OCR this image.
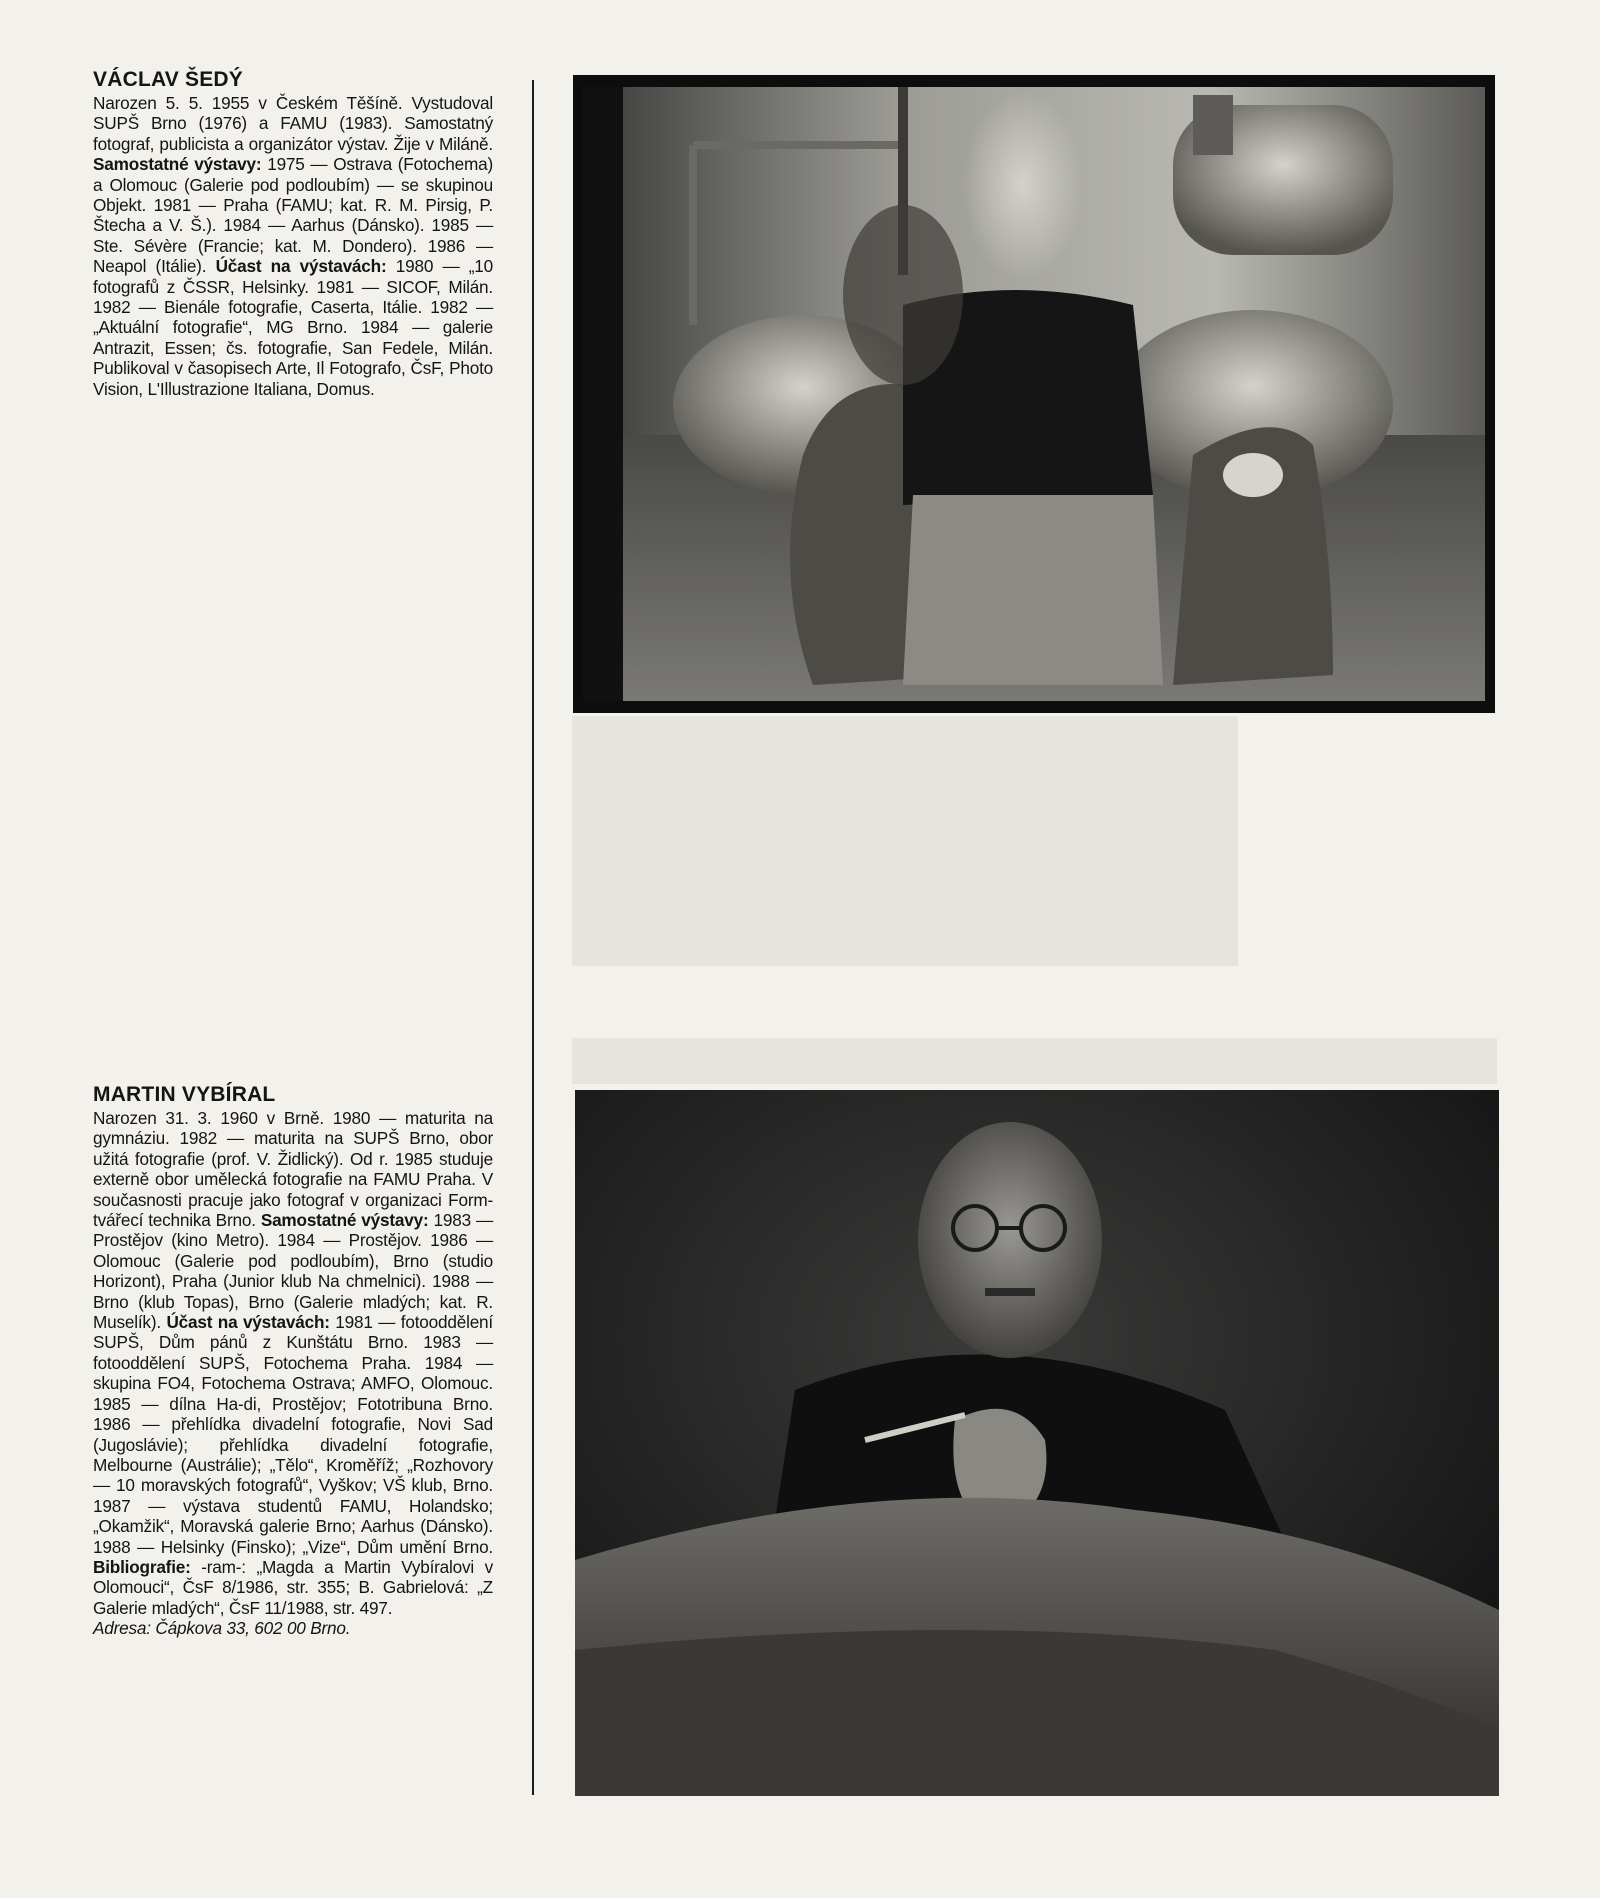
VÁCLAV ŠEDÝ

Narozen 5. 5. 1955 v Českém Těšíně. Vystudoval SUPŠ Brno (1976) a FAMU (1983). Samostatný fotograf, publicista a organizátor výstav. Žije v Miláně. Samostatné výstavy: 1975 — Ostrava (Fotochema) a Olomouc (Galerie pod podloubím) — se skupinou Objekt. 1981 — Praha (FAMU; kat. R. M. Pirsig, P. Štecha a V. Š.). 1984 — Aarhus (Dánsko). 1985 — Ste. Sévère (Francie; kat. M. Dondero). 1986 — Neapol (Itálie). Účast na výstavách: 1980 — „10 fotografů z ČSSR, Helsinky. 1981 — SICOF, Milán. 1982 — Bienále fotografie, Caserta, Itálie. 1982 — „Aktuální fotografie“, MG Brno. 1984 — galerie Antrazit, Essen; čs. fotografie, San Fedele, Milán. Publikoval v časopisech Arte, Il Fotografo, ČsF, Photo Vision, L'Illustrazione Italiana, Domus.

MARTIN VYBÍRAL

Narozen 31. 3. 1960 v Brně. 1980 — maturita na gymnáziu. 1982 — maturita na SUPŠ Brno, obor užitá fotografie (prof. V. Židlický). Od r. 1985 studuje externě obor umělecká fotografie na FAMU Praha. V současnosti pracuje jako fotograf v organizaci Form-tvářecí technika Brno. Samostatné výstavy: 1983 — Prostějov (kino Metro). 1984 — Prostějov. 1986 — Olomouc (Galerie pod podloubím), Brno (studio Horizont), Praha (Junior klub Na chmelnici). 1988 — Brno (klub Topas), Brno (Galerie mladých; kat. R. Muselík). Účast na výstavách: 1981 — fotooddělení SUPŠ, Dům pánů z Kunštátu Brno. 1983 — fotooddělení SUPŠ, Fotochema Praha. 1984 — skupina FO4, Fotochema Ostrava; AMFO, Olomouc. 1985 — dílna Ha-di, Prostějov; Fototribuna Brno. 1986 — přehlídka divadelní fotografie, Novi Sad (Jugoslávie); přehlídka divadelní fotografie, Melbourne (Austrálie); „Tělo“, Kroměříž; „Rozhovory — 10 moravských fotografů“, Vyškov; VŠ klub, Brno. 1987 — výstava studentů FAMU, Holandsko; „Okamžik“, Moravská galerie Brno; Aarhus (Dánsko). 1988 — Helsinky (Finsko); „Vize“, Dům umění Brno. Bibliografie: -ram-: „Magda a Martin Vybíralovi v Olomouci“, ČsF 8/1986, str. 355; B. Gabrielová: „Z Galerie mladých“, ČsF 11/1988, str. 497.

Adresa: Čápkova 33, 602 00 Brno.
